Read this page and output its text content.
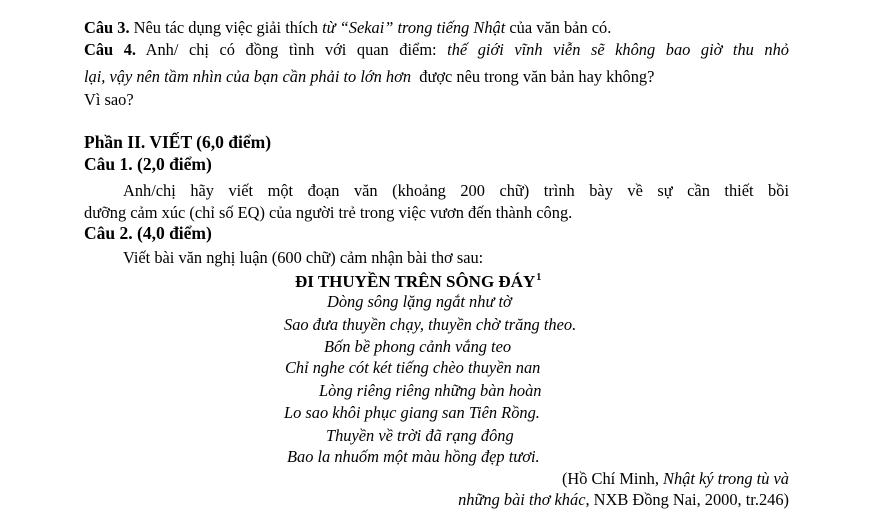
Câu 3. Nêu tác dụng việc giải thích từ “Sekai” trong tiếng Nhật của văn bản có.
Câu 4. Anh/ chị có đồng tình với quan điểm: thế giới vĩnh viễn sẽ không bao giờ thu nhỏ
lại, vậy nên tầm nhìn của bạn cần phải to lớn hơn được nêu trong văn bản hay không?
Vì sao?
Phần II. VIẾT (6,0 điểm)
Câu 1. (2,0 điểm)
Anh/chị hãy viết một đoạn văn (khoảng 200 chữ) trình bày về sự cần thiết bồi
dưỡng cảm xúc (chỉ số EQ) của người trẻ trong việc vươn đến thành công.
Câu 2. (4,0 điểm)
Viết bài văn nghị luận (600 chữ) cảm nhận bài thơ sau:
ĐI THUYỀN TRÊN SÔNG ĐÁY$^1$
Dòng sông lặng ngắt như tờ
Sao đưa thuyền chạy, thuyền chờ trăng theo.
Bốn bề phong cảnh vắng teo
Chỉ nghe cót két tiếng chèo thuyền nan
Lòng riêng riêng những bàn hoàn
Lo sao khôi phục giang san Tiên Rồng.
Thuyền về trời đã rạng đông
Bao la nhuốm một màu hồng đẹp tươi.
(Hồ Chí Minh, Nhật ký trong tù và
những bài thơ khác, NXB Đồng Nai, 2000, tr.246)
